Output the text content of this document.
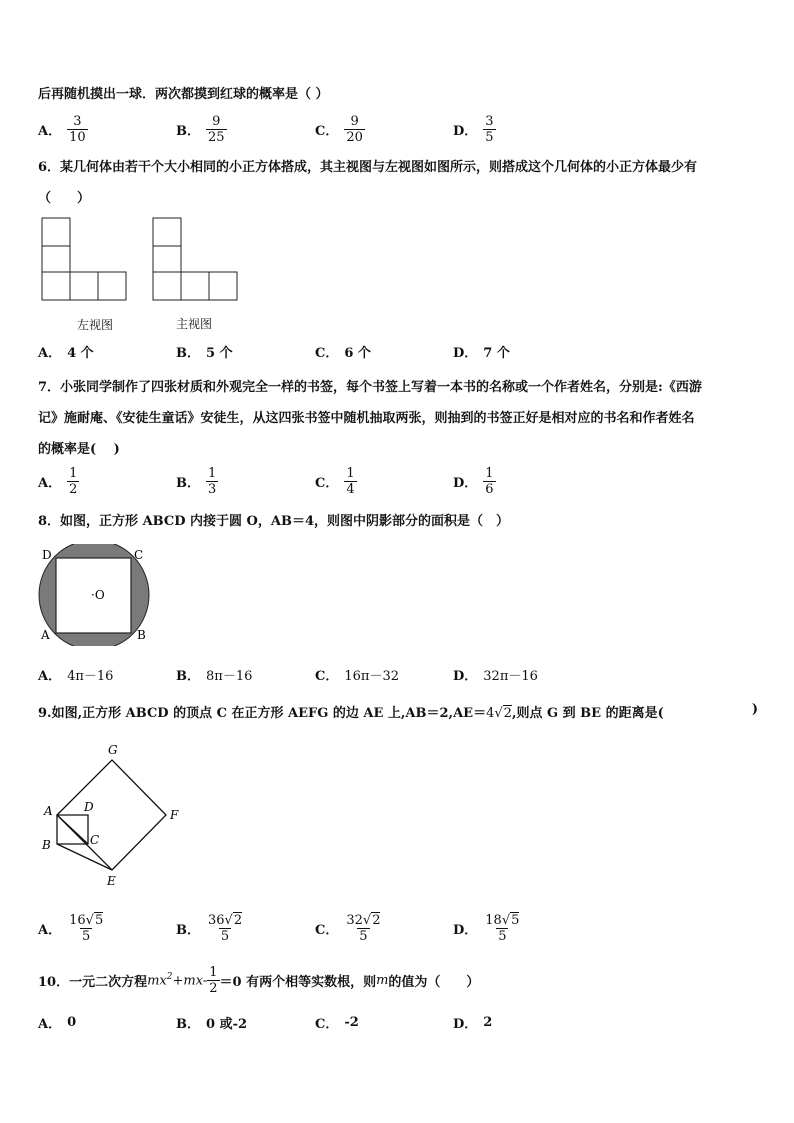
后再随机摸出一球．两次都摸到红球的概率是（ ）
A． $\frac{3}{10}$	B． $\frac{9}{25}$	C． $\frac{9}{20}$	D． $\frac{3}{5}$
6．某几何体由若干个大小相同的小正方体搭成，其主视图与左视图如图所示，则搭成这个几何体的小正方体最少有
（　　）
左视图	主视图
A． 4 个	B． 5 个	C． 6 个	D． 7 个
7．小张同学制作了四张材质和外观完全一样的书签，每个书签上写着一本书的名称或一个作者姓名，分别是:《西游
记》施耐庵、《安徒生童话》安徒生，从这四张书签中随机抽取两张，则抽到的书签正好是相对应的书名和作者姓名
的概率是(　 )
A． $\frac{1}{2}$	B． $\frac{1}{3}$	C． $\frac{1}{4}$	D． $\frac{1}{6}$
8．如图，正方形 ABCD 内接于圆 O，AB＝4，则图中阴影部分的面积是（　）
D	C
A	B
·O
A． 4π－16	B． 8π－16	C． 16π－32	D． 32π－16
9.如图,正方形 ABCD 的顶点 C 在正方形 AEFG 的边 AE 上,AB＝2,AE＝4√2,则点 G 到 BE 的距离是(	)
G
A	D
F
B	C
E
A． $\frac{16√5}{5}$	B． $\frac{36√2}{5}$	C． $\frac{32√2}{5}$	D． $\frac{18√5}{5}$
10．一元二次方程 $mx^2+mx- \frac{1}{2} =0$ 有两个相等实数根，则 m 的值为（　　）
A． 0	B． 0 或-2	C． -2	D． 2
